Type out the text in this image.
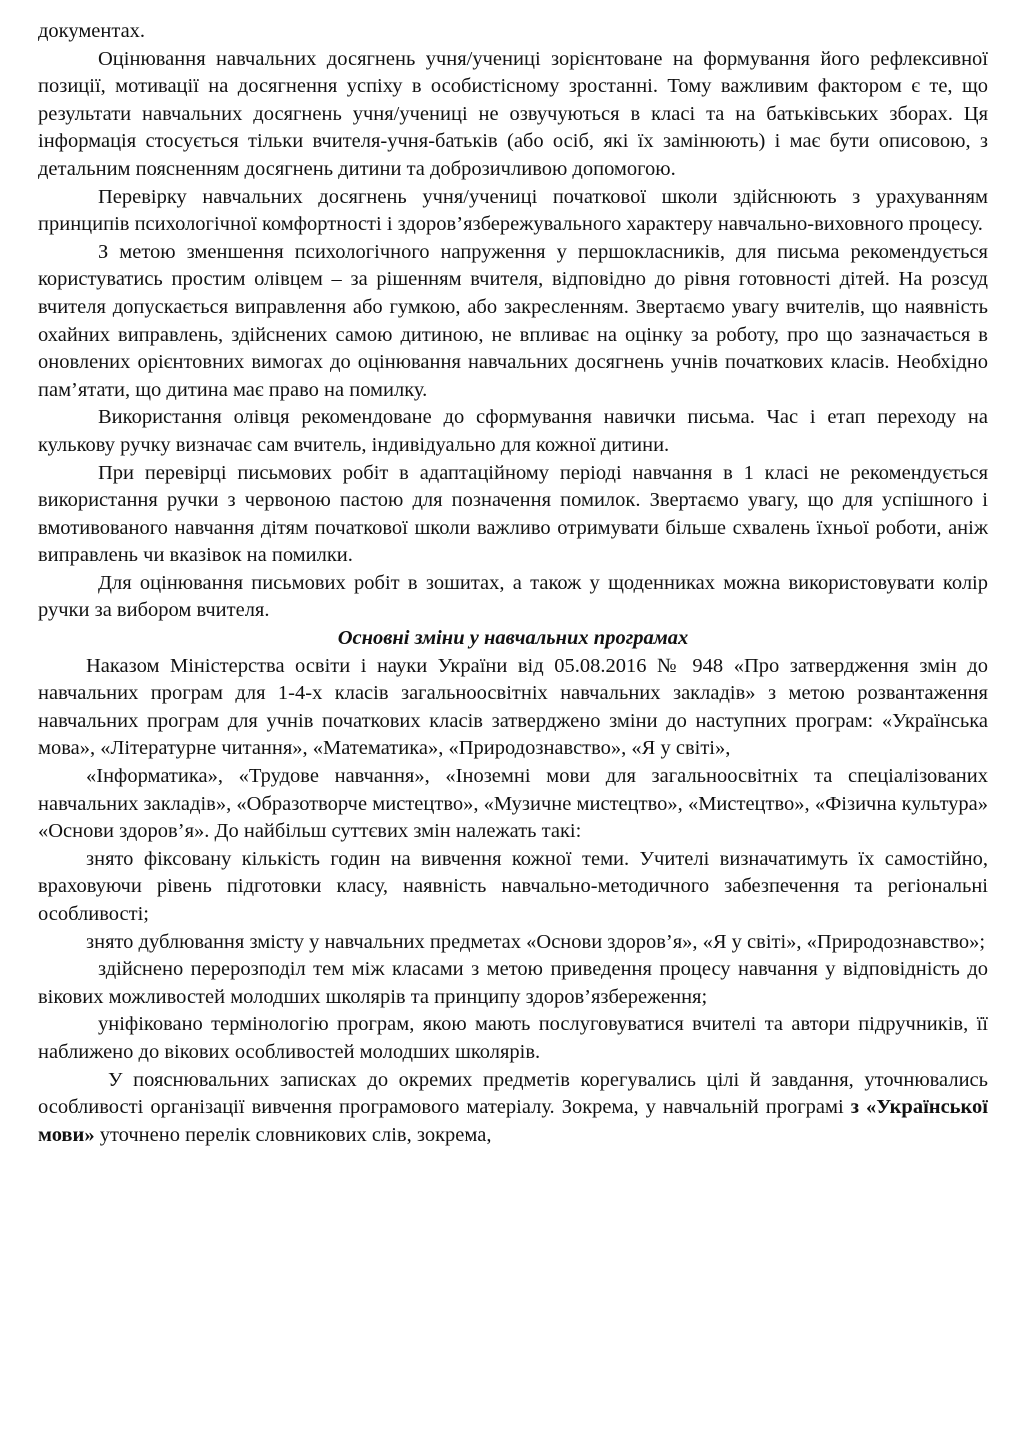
документах.

Оцінювання навчальних досягнень учня/учениці зорієнтоване на формування його рефлексивної позиції, мотивації на досягнення успіху в особистісному зростанні. Тому важливим фактором є те, що результати навчальних досягнень учня/учениці не озвучуються в класі та на батьківських зборах. Ця інформація стосується тільки вчителя-учня-батьків (або осіб, які їх замінюють) і має бути описовою, з детальним поясненням досягнень дитини та доброзичливою допомогою.

Перевірку навчальних досягнень учня/учениці початкової школи здійснюють з урахуванням принципів психологічної комфортності і здоров’язбережувального характеру навчально-виховного процесу.

З метою зменшення психологічного напруження у першокласників, для письма рекомендується користуватись простим олівцем – за рішенням вчителя, відповідно до рівня готовності дітей. На розсуд вчителя допускається виправлення або гумкою, або закресленням. Звертаємо увагу вчителів, що наявність охайних виправлень, здійснених самою дитиною, не впливає на оцінку за роботу, про що зазначається в оновлених орієнтовних вимогах до оцінювання навчальних досягнень учнів початкових класів. Необхідно пам’ятати, що дитина має право на помилку.

Використання олівця рекомендоване до сформування навички письма. Час і етап переходу на кулькову ручку визначає сам вчитель, індивідуально для кожної дитини.

При перевірці письмових робіт в адаптаційному періоді навчання в 1 класі не рекомендується використання ручки з червоною пастою для позначення помилок. Звертаємо увагу, що для успішного і вмотивованого навчання дітям початкової школи важливо отримувати більше схвалень їхньої роботи, аніж виправлень чи вказівок на помилки.

Для оцінювання письмових робіт в зошитах, а також у щоденниках можна використовувати колір ручки за вибором вчителя.

Основні зміни у навчальних програмах

Наказом Міністерства освіти і науки України від 05.08.2016 № 948 «Про затвердження змін до навчальних програм для 1-4-х класів загальноосвітніх навчальних закладів» з метою розвантаження навчальних програм для учнів початкових класів затверджено зміни до наступних програм: «Українська мова», «Літературне читання», «Математика», «Природознавство», «Я у світі»,

«Інформатика», «Трудове навчання», «Іноземні мови для загальноосвітніх та спеціалізованих навчальних закладів», «Образотворче мистецтво», «Музичне мистецтво», «Мистецтво», «Фізична культура» «Основи здоров’я». До найбільш суттєвих змін належать такі:

знято фіксовану кількість годин на вивчення кожної теми. Учителі визначатимуть їх самостійно, враховуючи рівень підготовки класу, наявність навчально-методичного забезпечення та регіональні особливості;

знято дублювання змісту у навчальних предметах «Основи здоров’я», «Я у світі», «Природознавство»;

здійснено перерозподіл тем між класами з метою приведення процесу навчання у відповідність до вікових можливостей молодших школярів та принципу здоров’язбереження;

уніфіковано термінологію програм, якою мають послуговуватися вчителі та автори підручників, її наближено до вікових особливостей молодших школярів.

У пояснювальних записках до окремих предметів корегувались цілі й завдання, уточнювались особливості організації вивчення програмового матеріалу. Зокрема, у навчальній програмі з «Української мови» уточнено перелік словникових слів, зокрема,
